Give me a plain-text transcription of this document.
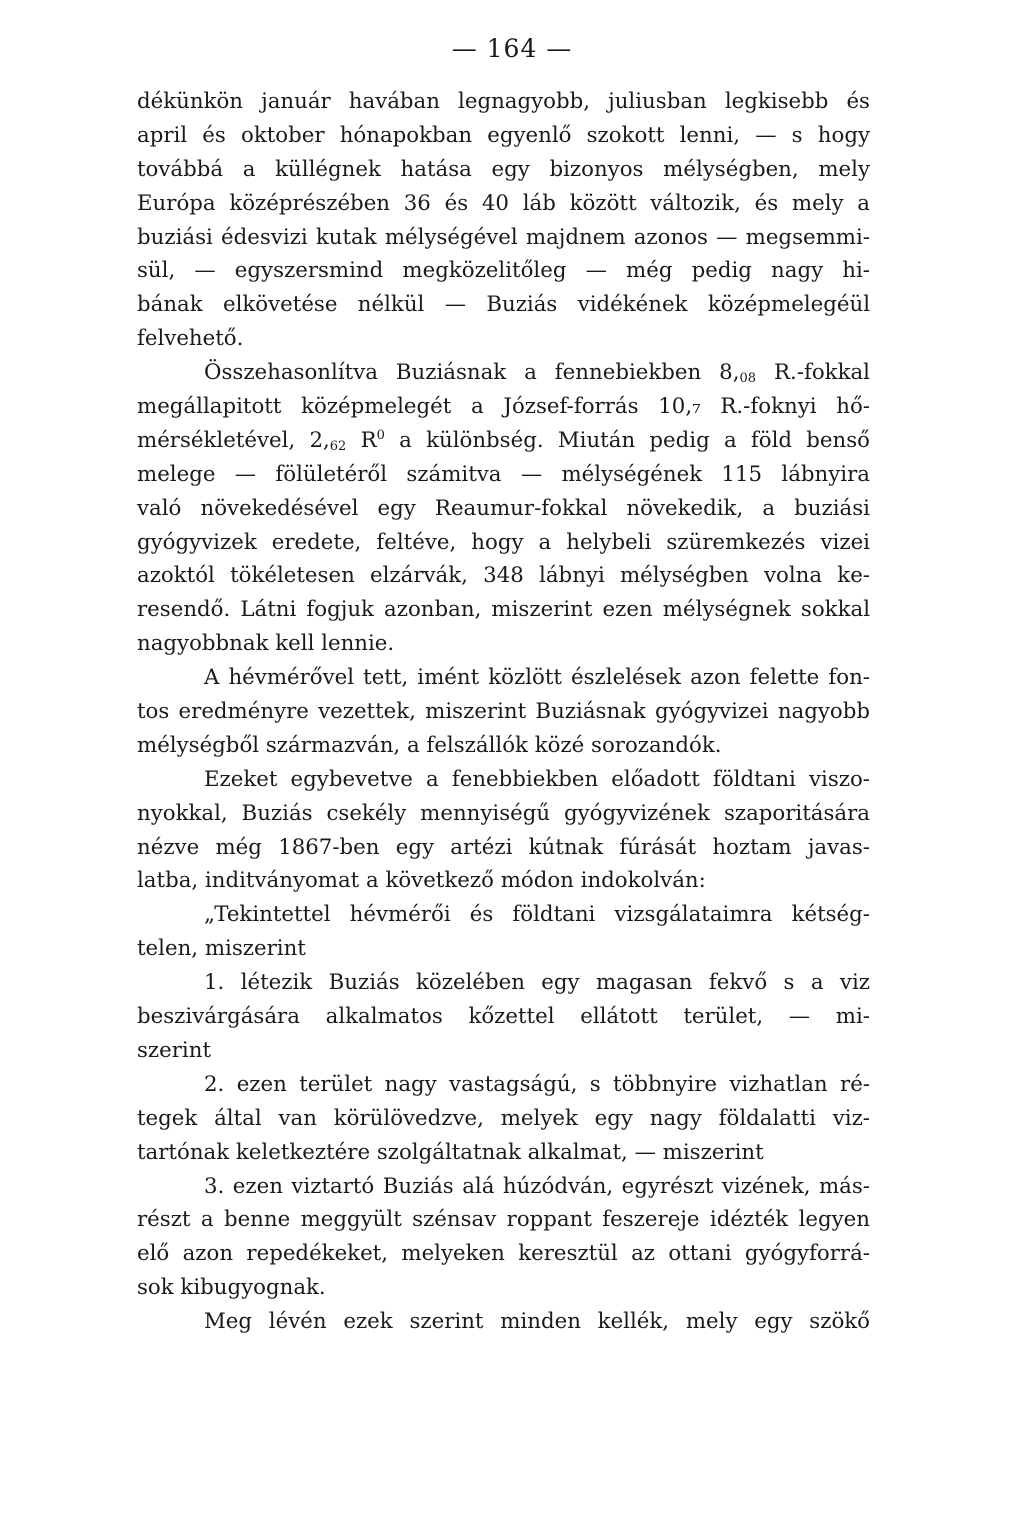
— 164 —
dékünkön január havában legnagyobb, juliusban legkisebb és
april és oktober hónapokban egyenlő szokott lenni, — s hogy
továbbá a küllégnek hatása egy bizonyos mélységben, mely
Európa középrészében 36 és 40 láb között változik, és mely a
buziási édesvizi kutak mélységével majdnem azonos — megsemmi-
sül, — egyszersmind megközelitőleg — még pedig nagy hi-
bának elkövetése nélkül — Buziás vidékének középmelegéül
felvehető.
Összehasonlítva Buziásnak a fennebiekben $8,_{08}$ R.-fokkal
megállapitott középmelegét a József-forrás 10,₇ R.-foknyi hő-
mérsékletével, $2,_{62}$ $R^0$ a különbség. Miután pedig a föld benső
melege — fölületéről számitva — mélységének 115 lábnyira
való növekedésével egy Reaumur-fokkal növekedik, a buziási
gyógyvizek eredete, feltéve, hogy a helybeli szüremkezés vizei
azoktól tökéletesen elzárvák, 348 lábnyi mélységben volna ke-
resendő. Látni fogjuk azonban, miszerint ezen mélységnek sokkal
nagyobbnak kell lennie.
A hévmérővel tett, imént közlött észlelések azon felette fon-
tos eredményre vezettek, miszerint Buziásnak gyógyvizei nagyobb
mélységből származván, a felszállók közé sorozandók.
Ezeket egybevetve a fenebbiekben előadott földtani viszo-
nyokkal, Buziás csekély mennyiségű gyógyvizének szaporitására
nézve még 1867-ben egy artézi kútnak fúrását hoztam javas-
latba, inditványomat a következő módon indokolván:
„Tekintettel hévmérői és földtani vizsgálataimra kétség-
telen, miszerint
1. létezik Buziás közelében egy magasan fekvő s a viz
beszivárgására alkalmatos kőzettel ellátott terület, — mi-
szerint
2. ezen terület nagy vastagságú, s többnyire vizhatlan ré-
tegek által van körülövedzve, melyek egy nagy földalatti viz-
tartónak keletkeztére szolgáltatnak alkalmat, — miszerint
3. ezen viztartó Buziás alá húzódván, egyrészt vizének, más-
részt a benne meggyült szénsav roppant feszereje idézték legyen
elő azon repedékeket, melyeken keresztül az ottani gyógyforrá-
sok kibugyognak.
Meg lévén ezek szerint minden kellék, mely egy szökő
